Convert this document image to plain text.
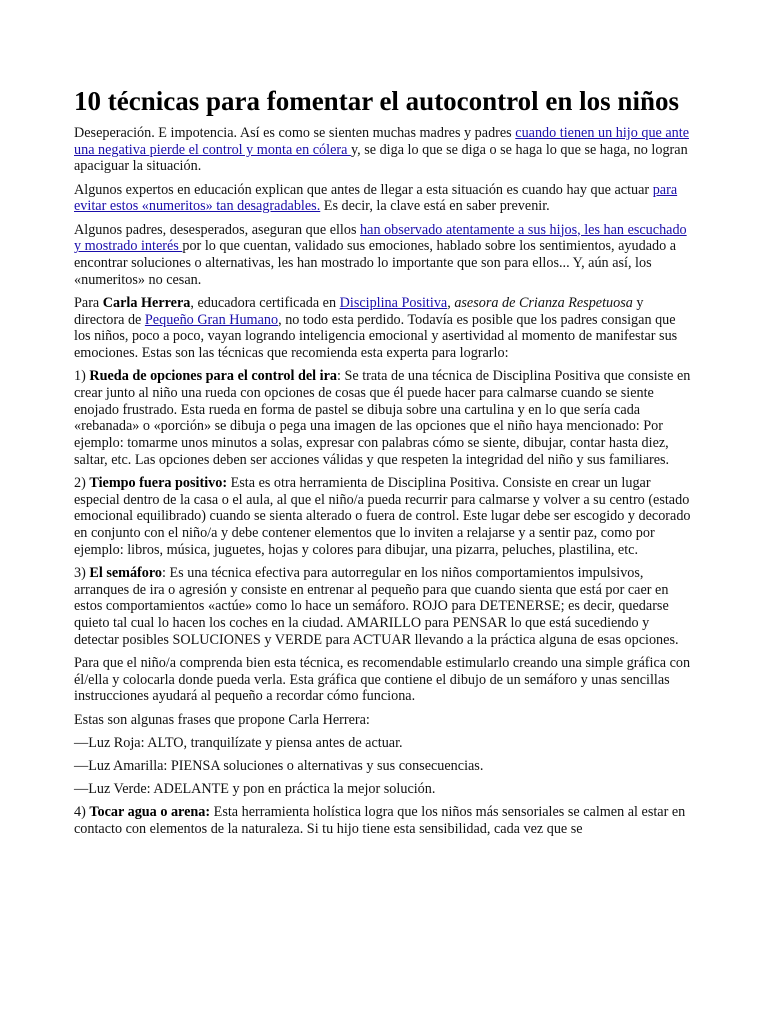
10 técnicas para fomentar el autocontrol en los niños

Deseperación. E impotencia. Así es como se sienten muchas madres y padres cuando tienen un hijo que ante una negativa pierde el control y monta en cólera y, se diga lo que se diga o se haga lo que se haga, no logran apaciguar la situación.

Algunos expertos en educación explican que antes de llegar a esta situación es cuando hay que actuar para evitar estos «numeritos» tan desagradables. Es decir, la clave está en saber prevenir.

Algunos padres, desesperados, aseguran que ellos han observado atentamente a sus hijos, les han escuchado y mostrado interés por lo que cuentan, validado sus emociones, hablado sobre los sentimientos, ayudado a encontrar soluciones o alternativas, les han mostrado lo importante que son para ellos... Y, aún así, los «numeritos» no cesan.

Para Carla Herrera, educadora certificada en Disciplina Positiva, asesora de Crianza Respetuosa y directora de Pequeño Gran Humano, no todo esta perdido. Todavía es posible que los padres consigan que los niños, poco a poco, vayan logrando inteligencia emocional y asertividad al momento de manifestar sus emociones. Estas son las técnicas que recomienda esta experta para lograrlo:

1) Rueda de opciones para el control del ira: Se trata de una técnica de Disciplina Positiva que consiste en crear junto al niño una rueda con opciones de cosas que él puede hacer para calmarse cuando se siente enojado frustrado. Esta rueda en forma de pastel se dibuja sobre una cartulina y en lo que sería cada «rebanada» o «porción» se dibuja o pega una imagen de las opciones que el niño haya mencionado: Por ejemplo: tomarme unos minutos a solas, expresar con palabras cómo se siente, dibujar, contar hasta diez, saltar, etc. Las opciones deben ser acciones válidas y que respeten la integridad del niño y sus familiares.

2) Tiempo fuera positivo: Esta es otra herramienta de Disciplina Positiva. Consiste en crear un lugar especial dentro de la casa o el aula, al que el niño/a pueda recurrir para calmarse y volver a su centro (estado emocional equilibrado) cuando se sienta alterado o fuera de control. Este lugar debe ser escogido y decorado en conjunto con el niño/a y debe contener elementos que lo inviten a relajarse y a sentir paz, como por ejemplo: libros, música, juguetes, hojas y colores para dibujar, una pizarra, peluches, plastilina, etc.

3) El semáforo: Es una técnica efectiva para autorregular en los niños comportamientos impulsivos, arranques de ira o agresión y consiste en entrenar al pequeño para que cuando sienta que está por caer en estos comportamientos «actúe» como lo hace un semáforo. ROJO para DETENERSE; es decir, quedarse quieto tal cual lo hacen los coches en la ciudad. AMARILLO para PENSAR lo que está sucediendo y detectar posibles SOLUCIONES y VERDE para ACTUAR llevando a la práctica alguna de esas opciones.

Para que el niño/a comprenda bien esta técnica, es recomendable estimularlo creando una simple gráfica con él/ella y colocarla donde pueda verla. Esta gráfica que contiene el dibujo de un semáforo y unas sencillas instrucciones ayudará al pequeño a recordar cómo funciona.

Estas son algunas frases que propone Carla Herrera:

—Luz Roja: ALTO, tranquilízate y piensa antes de actuar.

—Luz Amarilla: PIENSA soluciones o alternativas y sus consecuencias.

—Luz Verde: ADELANTE y pon en práctica la mejor solución.

4) Tocar agua o arena: Esta herramienta holística logra que los niños más sensoriales se calmen al estar en contacto con elementos de la naturaleza. Si tu hijo tiene esta sensibilidad, cada vez que se
